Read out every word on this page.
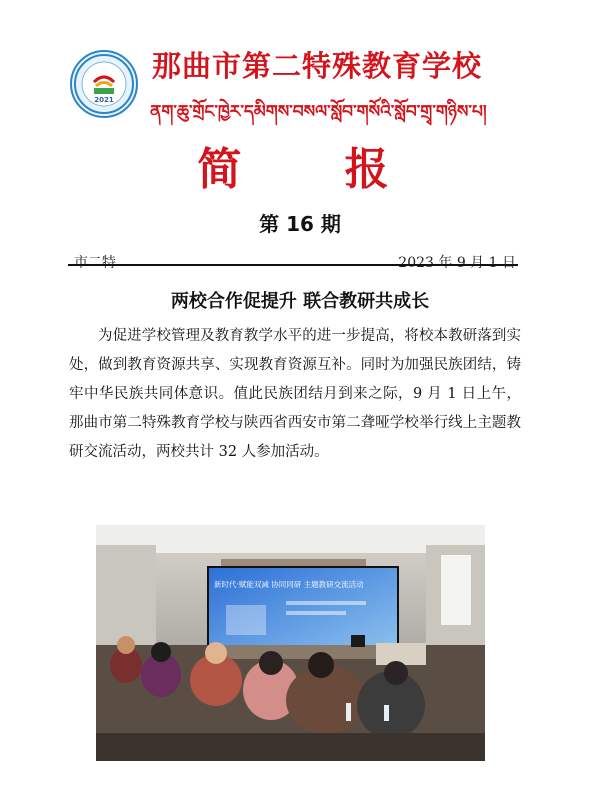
2021
那曲市第二特殊教育学校
ནག་ཆུ་གྲོང་ཁྱེར་དམིགས་བསལ་སློབ་གསོའི་སློབ་གྲྭ་གཉིས་པ།
简 报
第 16 期
市二特	2023 年 9 月 1 日
两校合作促提升 联合教研共成长

为促进学校管理及教育教学水平的进一步提高，将校本教研落到实处，做到教育资源共享、实现教育资源互补。同时为加强民族团结，铸牢中华民族共同体意识。值此民族团结月到来之际，9 月 1 日上午，那曲市第二特殊教育学校与陕西省西安市第二聋哑学校举行线上主题教研交流活动，两校共计 32 人参加活动。

新时代·赋能双减 协同同研 主题教研交流活动
